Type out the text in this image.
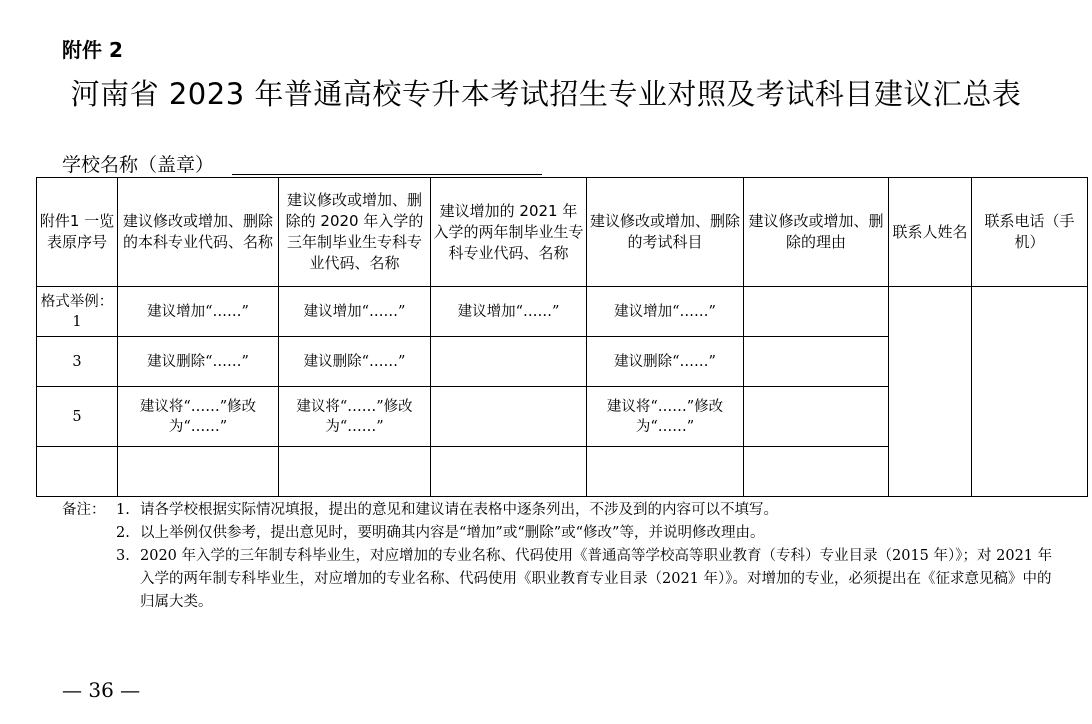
附件 2
河南省 2023 年普通高校专升本考试招生专业对照及考试科目建议汇总表
学校名称（盖章）
附件1 一览表原序号	建议修改或增加、删除的本科专业代码、名称	建议修改或增加、删除的 2020 年入学的三年制毕业生专科专业代码、名称	建议增加的 2021 年入学的两年制毕业生专科专业代码、名称	建议修改或增加、删除的考试科目	建议修改或增加、删除的理由	联系人姓名	联系电话（手机）
格式举例：1	建议增加“……”	建议增加“……”	建议增加“……”	建议增加“……”			
3	建议删除“……”	建议删除“……”		建议删除“……”			
5	建议将“……”修改为“……”	建议将“……”修改为“……”		建议将“……”修改为“……”			

备注： 1. 请各学校根据实际情况填报，提出的意见和建议请在表格中逐条列出，不涉及到的内容可以不填写。
2. 以上举例仅供参考，提出意见时，要明确其内容是“增加”或“删除”或“修改”等，并说明修改理由。
3. 2020 年入学的三年制专科毕业生，对应增加的专业名称、代码使用《普通高等学校高等职业教育（专科）专业目录（2015 年）》；对 2021 年入学的两年制专科毕业生，对应增加的专业名称、代码使用《职业教育专业目录（2021 年）》。对增加的专业，必须提出在《征求意见稿》中的归属大类。
— 36 —
